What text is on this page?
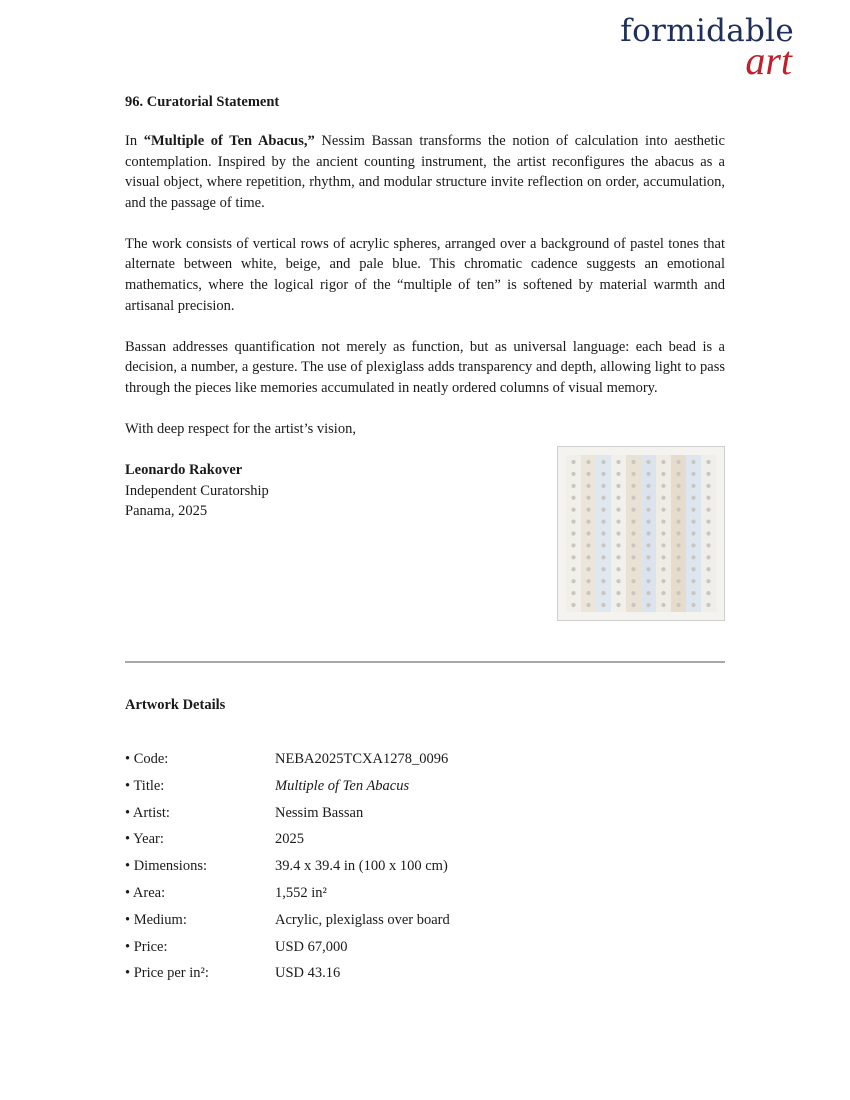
formidable
art
96. Curatorial Statement

In “Multiple of Ten Abacus,” Nessim Bassan transforms the notion of calculation into aesthetic contemplation. Inspired by the ancient counting instrument, the artist reconfigures the abacus as a visual object, where repetition, rhythm, and modular structure invite reflection on order, accumulation, and the passage of time.

The work consists of vertical rows of acrylic spheres, arranged over a background of pastel tones that alternate between white, beige, and pale blue. This chromatic cadence suggests an emotional mathematics, where the logical rigor of the “multiple of ten” is softened by material warmth and artisanal precision.

Bassan addresses quantification not merely as function, but as universal language: each bead is a decision, a number, a gesture. The use of plexiglass adds transparency and depth, allowing light to pass through the pieces like memories accumulated in neatly ordered columns of visual memory.

With deep respect for the artist’s vision,

Leonardo Rakover
Independent Curatorship
Panama, 2025
Artwork Details
• Code:	NEBA2025TCXA1278_0096
• Title:	Multiple of Ten Abacus
• Artist:	Nessim Bassan
• Year:	2025
• Dimensions:	39.4 x 39.4 in (100 x 100 cm)
• Area:	1,552 in²
• Medium:	Acrylic, plexiglass over board
• Price:	USD 67,000
• Price per in²:	USD 43.16
